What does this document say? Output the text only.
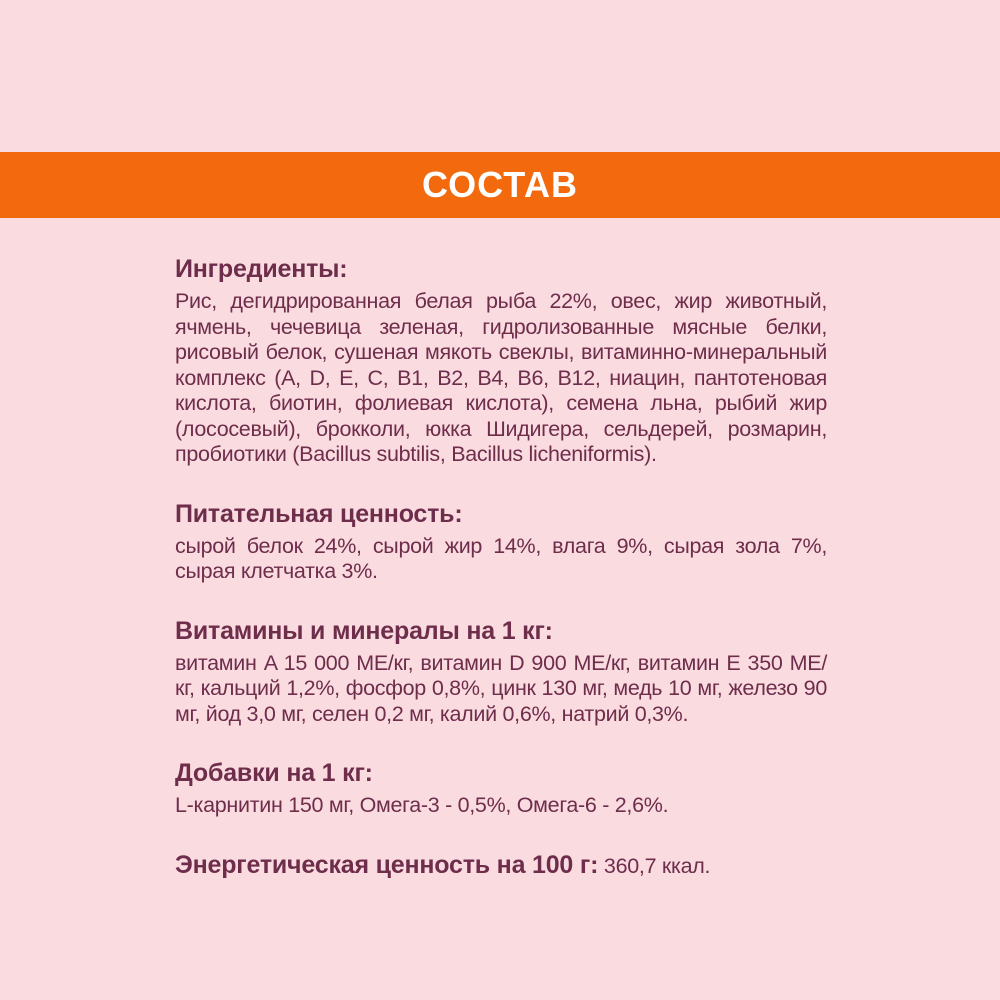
СОСТАВ
Ингредиенты:

Рис, дегидрированная белая рыба 22%, овес, жир животный, ячмень, чечевица зеленая, гидролизованные мясные белки, рисовый белок, сушеная мякоть свеклы, витаминно-минеральный комплекс (A, D, E, C, B1, B2, B4, B6, B12, ниацин, пантотеновая кислота, биотин, фолиевая кислота), семена льна, рыбий жир (лососевый), брокколи, юкка Шидигера, сельдерей, розмарин, пробиотики (Bacillus subtilis, Bacillus licheniformis).

Питательная ценность:

сырой белок 24%, сырой жир 14%, влага 9%, сырая зола 7%, сырая клетчатка 3%.

Витамины и минералы на 1 кг:

витамин A 15 000 МЕ/кг, витамин D 900 МЕ/кг, витамин E 350 МЕ/кг, кальций 1,2%, фосфор 0,8%, цинк 130 мг, медь 10 мг, железо 90 мг, йод 3,0 мг, селен 0,2 мг, калий 0,6%, натрий 0,3%.

Добавки на 1 кг:

L-карнитин 150 мг, Омега-3 - 0,5%, Омега-6 - 2,6%.

Энергетическая ценность на 100 г: 360,7 ккал.
